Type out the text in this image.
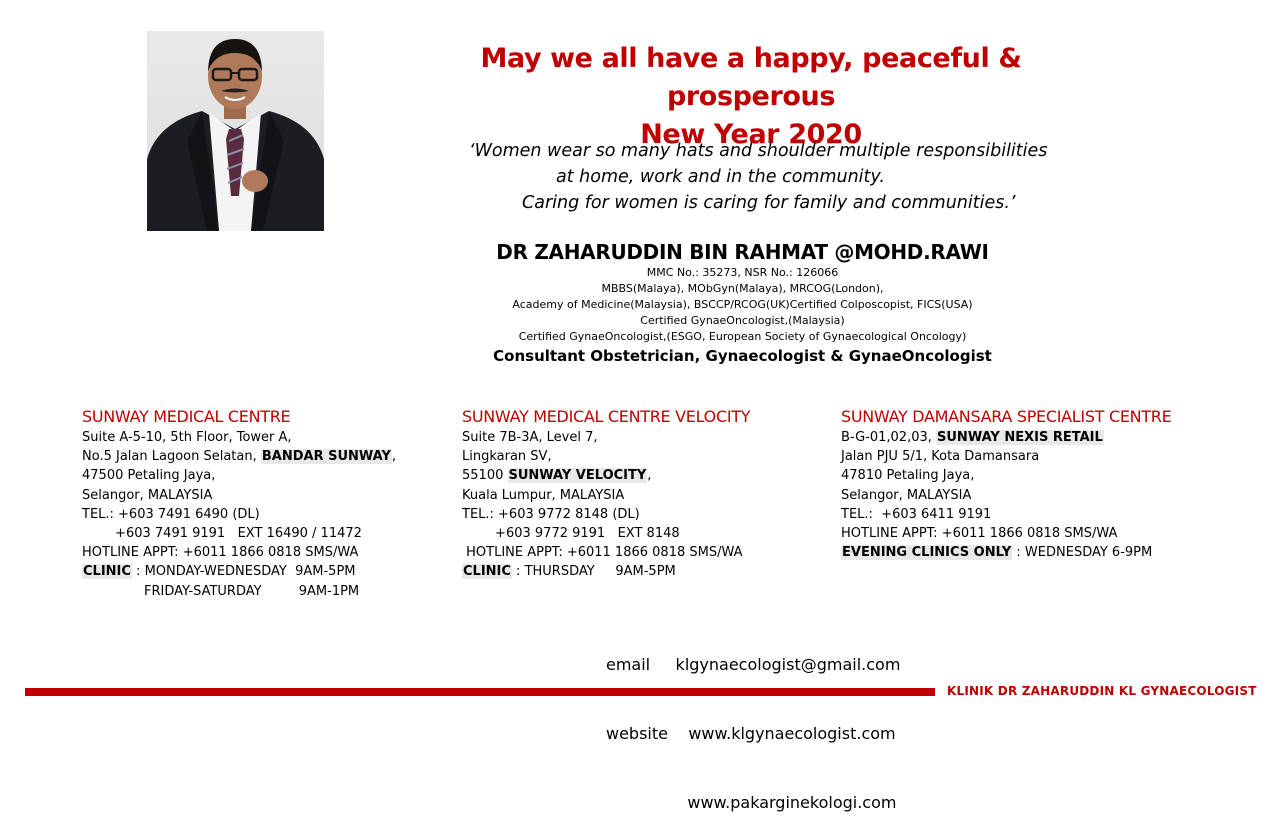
May we all have a happy, peaceful & prosperous
New Year 2020
‘Women wear so many hats and shoulder multiple responsibilities
at home, work and in the community.
Caring for women is caring for family and communities.’
DR ZAHARUDDIN BIN RAHMAT @MOHD.RAWI
MMC No.: 35273, NSR No.: 126066
MBBS(Malaya), MObGyn(Malaya), MRCOG(London),
Academy of Medicine(Malaysia), BSCCP/RCOG(UK)Certified Colposcopist, FICS(USA)
Certified GynaeOncologist,(Malaysia)
Certified GynaeOncologist,(ESGO, European Society of Gynaecological Oncology)
Consultant Obstetrician, Gynaecologist & GynaeOncologist
SUNWAY MEDICAL CENTRE
Suite A-5-10, 5th Floor, Tower A,
No.5 Jalan Lagoon Selatan, BANDAR SUNWAY,
47500 Petaling Jaya,
Selangor, MALAYSIA
TEL.: +603 7491 6490 (DL)
+603 7491 9191   EXT 16490 / 11472
HOTLINE APPT: +6011 1866 0818 SMS/WA
CLINIC : MONDAY-WEDNESDAY  9AM-5PM
FRIDAY-SATURDAY         9AM-1PM
SUNWAY MEDICAL CENTRE VELOCITY
Suite 7B-3A, Level 7,
Lingkaran SV,
55100 SUNWAY VELOCITY,
Kuala Lumpur, MALAYSIA
TEL.: +603 9772 8148 (DL)
+603 9772 9191   EXT 8148
HOTLINE APPT: +6011 1866 0818 SMS/WA
CLINIC : THURSDAY     9AM-5PM
SUNWAY DAMANSARA SPECIALIST CENTRE
B-G-01,02,03, SUNWAY NEXIS RETAIL
Jalan PJU 5/1, Kota Damansara
47810 Petaling Jaya,
Selangor, MALAYSIA
TEL.:  +603 6411 9191
HOTLINE APPT: +6011 1866 0818 SMS/WA
EVENING CLINICS ONLY : WEDNESDAY 6-9PM

email     klgynaecologist@gmail.com

website    www.klgynaecologist.com

www.pakarginekologi.com

KLINIK DR ZAHARUDDIN KL GYNAECOLOGIST
